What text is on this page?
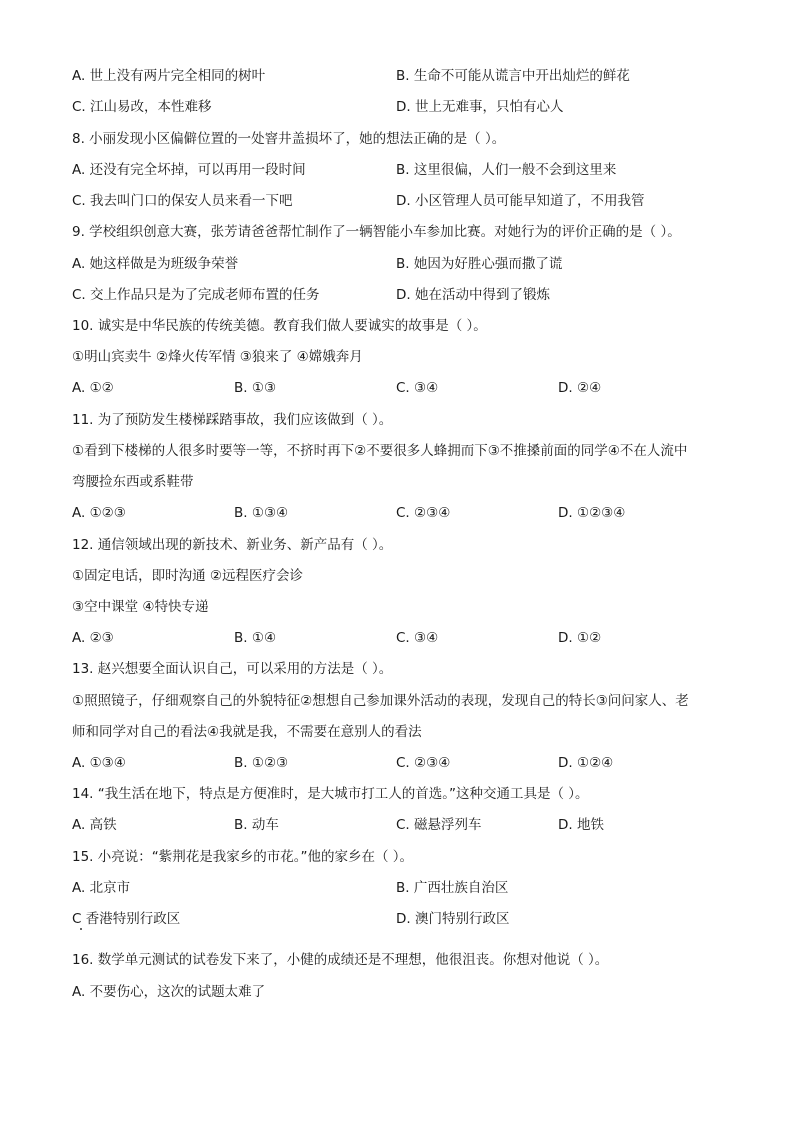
A. 世上没有两片完全相同的树叶	B. 生命不可能从谎言中开出灿烂的鲜花
C. 江山易改，本性难移	D. 世上无难事，只怕有心人
8. 小丽发现小区偏僻位置的一处窨井盖损坏了，她的想法正确的是（ ）。
A. 还没有完全坏掉，可以再用一段时间	B. 这里很偏，人们一般不会到这里来
C. 我去叫门口的保安人员来看一下吧	D. 小区管理人员可能早知道了，不用我管
9. 学校组织创意大赛，张芳请爸爸帮忙制作了一辆智能小车参加比赛。对她行为的评价正确的是（ ）。
A. 她这样做是为班级争荣誉	B. 她因为好胜心强而撒了谎
C. 交上作品只是为了完成老师布置的任务	D. 她在活动中得到了锻炼
10. 诚实是中华民族的传统美德。教育我们做人要诚实的故事是（ ）。
①明山宾卖牛 ②烽火传军情 ③狼来了 ④嫦娥奔月
A. ①②	B. ①③	C. ③④	D. ②④
11. 为了预防发生楼梯踩踏事故，我们应该做到（ ）。
①看到下楼梯的人很多时要等一等，不挤时再下②不要很多人蜂拥而下③不推搡前面的同学④不在人流中
弯腰捡东西或系鞋带
A. ①②③	B. ①③④	C. ②③④	D. ①②③④
12. 通信领域出现的新技术、新业务、新产品有（ ）。
①固定电话，即时沟通 ②远程医疗会诊
③空中课堂 ④特快专递
A. ②③	B. ①④	C. ③④	D. ①②
13. 赵兴想要全面认识自己，可以采用的方法是（ ）。
①照照镜子，仔细观察自己的外貌特征②想想自己参加课外活动的表现，发现自己的特长③问问家人、老
师和同学对自己的看法④我就是我，不需要在意别人的看法
A. ①③④	B. ①②③	C. ②③④	D. ①②④
14. “我生活在地下，特点是方便准时，是大城市打工人的首选。”这种交通工具是（ ）。
A. 高铁	B. 动车	C. 磁悬浮列车	D. 地铁
15. 小亮说：“紫荆花是我家乡的市花。”他的家乡在（ ）。
A. 北京市	B. 广西壮族自治区
C 香港特别行政区	D. 澳门特别行政区
16. 数学单元测试的试卷发下来了，小健的成绩还是不理想，他很沮丧。你想对他说（ ）。
A. 不要伤心，这次的试题太难了
